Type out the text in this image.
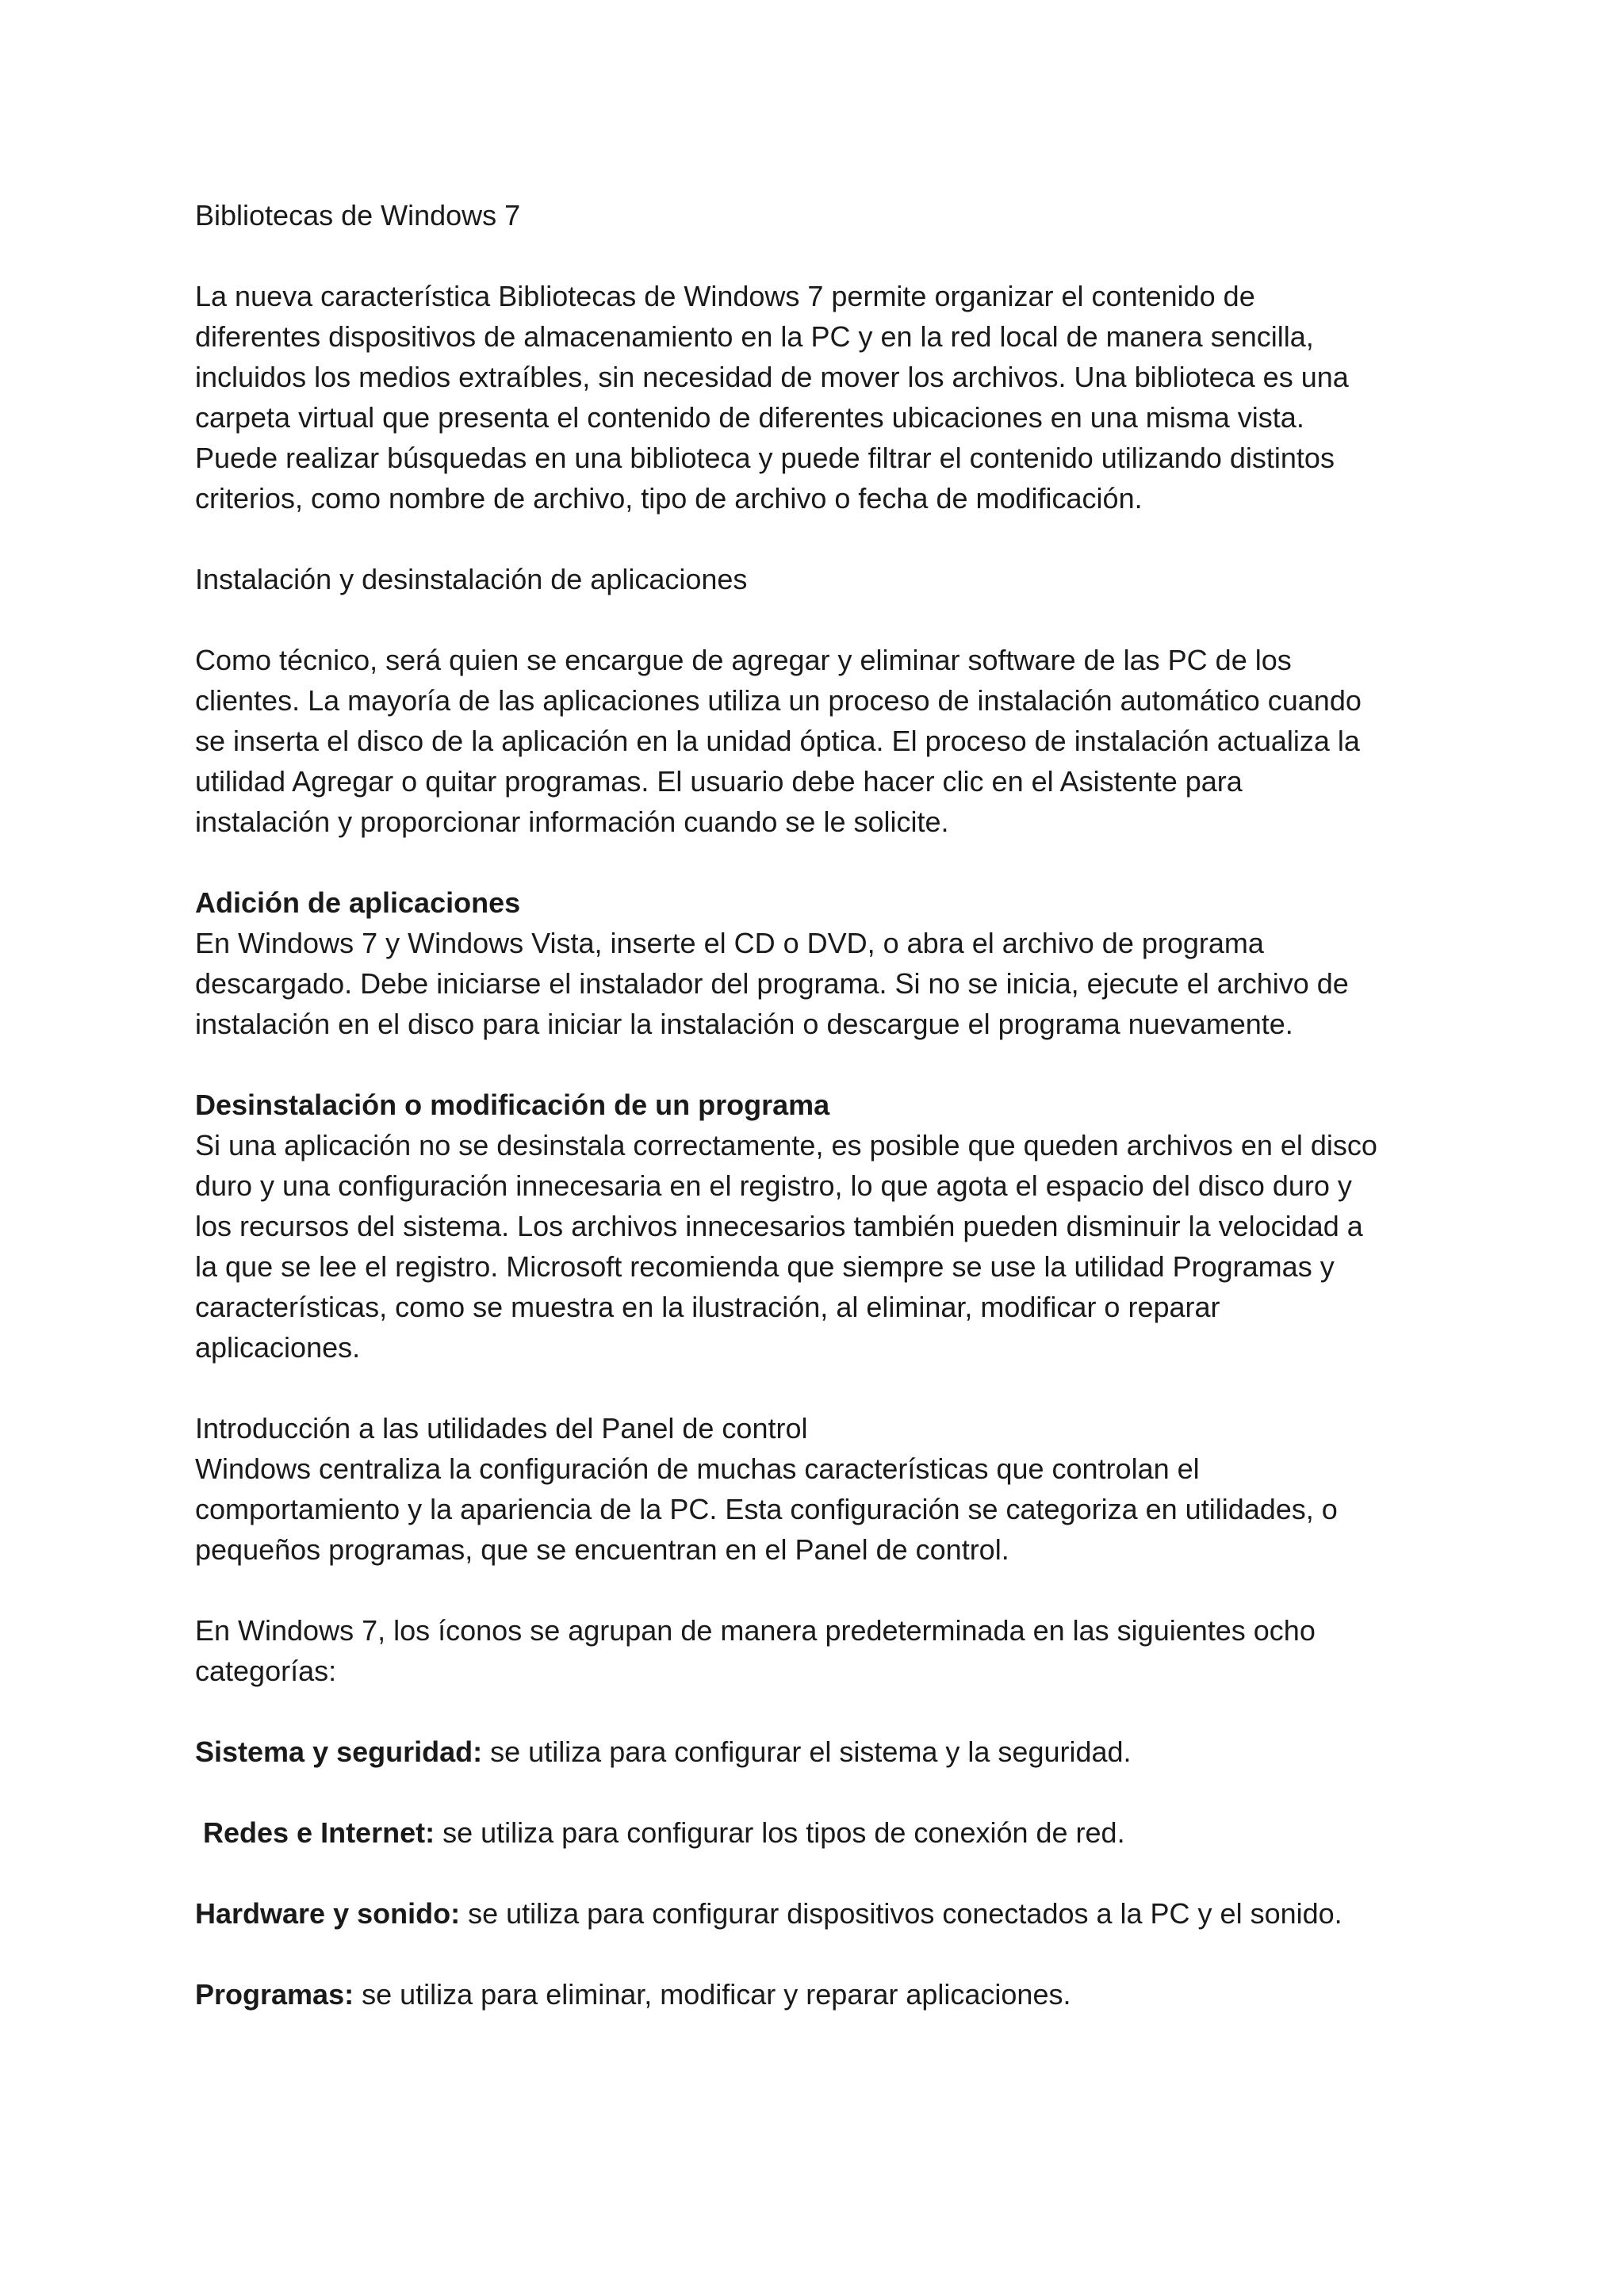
Bibliotecas de Windows 7
La nueva característica Bibliotecas de Windows 7 permite organizar el contenido de
diferentes dispositivos de almacenamiento en la PC y en la red local de manera sencilla,
incluidos los medios extraíbles, sin necesidad de mover los archivos. Una biblioteca es una
carpeta virtual que presenta el contenido de diferentes ubicaciones en una misma vista.
Puede realizar búsquedas en una biblioteca y puede filtrar el contenido utilizando distintos
criterios, como nombre de archivo, tipo de archivo o fecha de modificación.
Instalación y desinstalación de aplicaciones
Como técnico, será quien se encargue de agregar y eliminar software de las PC de los
clientes. La mayoría de las aplicaciones utiliza un proceso de instalación automático cuando
se inserta el disco de la aplicación en la unidad óptica. El proceso de instalación actualiza la
utilidad Agregar o quitar programas. El usuario debe hacer clic en el Asistente para
instalación y proporcionar información cuando se le solicite.
Adición de aplicaciones
En Windows 7 y Windows Vista, inserte el CD o DVD, o abra el archivo de programa
descargado. Debe iniciarse el instalador del programa. Si no se inicia, ejecute el archivo de
instalación en el disco para iniciar la instalación o descargue el programa nuevamente.
Desinstalación o modificación de un programa
Si una aplicación no se desinstala correctamente, es posible que queden archivos en el disco
duro y una configuración innecesaria en el registro, lo que agota el espacio del disco duro y
los recursos del sistema. Los archivos innecesarios también pueden disminuir la velocidad a
la que se lee el registro. Microsoft recomienda que siempre se use la utilidad Programas y
características, como se muestra en la ilustración, al eliminar, modificar o reparar
aplicaciones.
Introducción a las utilidades del Panel de control
Windows centraliza la configuración de muchas características que controlan el
comportamiento y la apariencia de la PC. Esta configuración se categoriza en utilidades, o
pequeños programas, que se encuentran en el Panel de control.
En Windows 7, los íconos se agrupan de manera predeterminada en las siguientes ocho
categorías:
Sistema y seguridad: se utiliza para configurar el sistema y la seguridad.
Redes e Internet: se utiliza para configurar los tipos de conexión de red.
Hardware y sonido: se utiliza para configurar dispositivos conectados a la PC y el sonido.
Programas: se utiliza para eliminar, modificar y reparar aplicaciones.
